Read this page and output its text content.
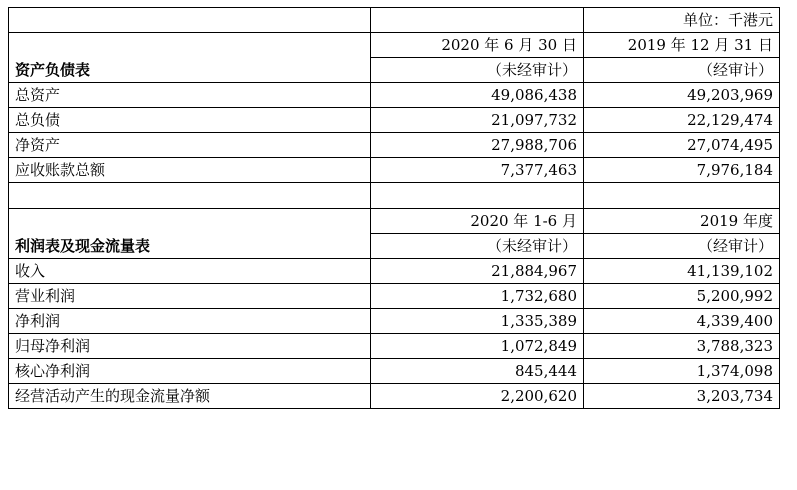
		单位：千港元
资产负债表	2020 年 6 月 30 日	2019 年 12 月 31 日
	（未经审计）	（经审计）
总资产	49,086,438	49,203,969
总负债	21,097,732	22,129,474
净资产	27,988,706	27,074,495
应收账款总额	7,377,463	7,976,184

利润表及现金流量表	2020 年 1-6 月	2019 年度
	（未经审计）	（经审计）
收入	21,884,967	41,139,102
营业利润	1,732,680	5,200,992
净利润	1,335,389	4,339,400
归母净利润	1,072,849	3,788,323
核心净利润	845,444	1,374,098
经营活动产生的现金流量净额	2,200,620	3,203,734
